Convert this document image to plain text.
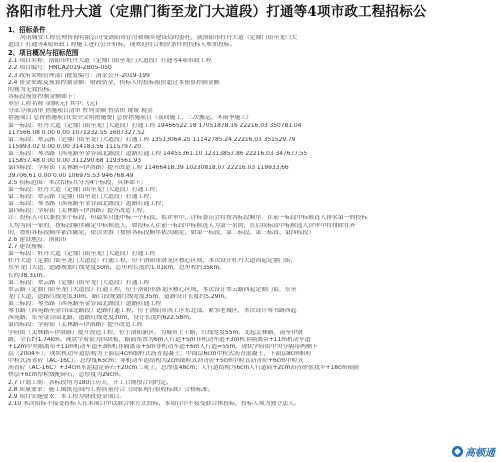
洛阳市牡丹大道（定鼎门街至龙门大道段）打通等4项市政工程招标公
1、招标条件
河南城安工程管理咨询有限公司受洛阳市住房和城乡建设局的委托，就洛阳市牡丹大道（定鼎门街至龙门大
道段）打通等4项市政工程施工进行公开招标，现欢迎符合相应条件的投标人参加投标。
2、项目概况与招标范围
2.1 项目名称：洛阳市牡丹大道（定鼎门街至龙门大道段）打通等4项市政工程
2.2 项目编号：HNCA2019-ZB05-050
2.3 政府采购管理部门批复编号：洛采公开-2019-199
2.4 资金来源及预算控制金额：财政资金，投标人的投标报价超过本预算控制金额
的视为无效投标。
各标段预算控制金额如下：
单位工程名称 金额(元) 其中：(元)
分部分项清单 措施项目清单 暂列金额 暂估价 规费 税金
措施项目 总价措施项目(安全文明措施费) 总价措施项目（夜间施工、二次搬运、冬雨季施工）
第一标段：牡丹大道（定鼎门街至龙门大道段）打通工程 19466522.18 17051878.16 22216.03 350781.04
117566.08 0.00 0.00 1071232.55 1607327.52
第二标段：翠云路（定鼎门街至龙门大道段）打通工程 13513064.25 11142785.24 22216.03 351529.79
115993.02 0.00 0.00 314183.56 1115797.20
第三标段：琴书路（西苑路至金谷园北路段）道路打通工程 14455361.10 12313857.86 22216.03 347677.55
115857.48 0.00 0.00 311290.68 1193561.93
第四标段：学府街（关林路~伊洛路）提升改造工程 11466418.39 10230818.07 22216.03 119933.66
39706.61 0.00 0.00 106975.53 946768.49
2.5 招标范围：本次招标共分为4个标段，具体如下：
第一标段：牡丹大道（定鼎门街至龙门大道段）打通工程；
第二标段：翠云路（定鼎门街至龙门大道段）打通工程；
第三标段：琴书路（西苑路至金谷园北路段）道路打通工程；
第四标段：学府街（关林路~伊洛路）提升改造工程；
注：投标人可以兼投多个标段，但最多只能中标一个标段，拟评审中，评标委员会将按各标段顺序，在前一标段中标候选人排名第一的投标
人均为同一家的，按标段顺序确定中标候选人，如投标人在前一标段中标候选人为第一名的，在后续标段中标候选人评审中将排除在外
的，按照各标段顺序依次确定，依次类推（按照各标段顺序依次确定，如第一标段、第二标段、第三标段、第四标段）
2.6 建设地点：洛阳市
2.7 建设规模：
第一标段：牡丹大道（定鼎门街至龙门大道段）打通工程
牡丹大道（定鼎门街至龙门大道段）打通工程，位于洛阳市洛龙区核心区域，本次设计牡丹大道西起定鼎门街，
东至龙门大道，道路规划红线宽度50m，总里程长度约1.01km，总里程约35km。
长约38.31m。
第二标段：翠云路（定鼎门街至龙门大道段）打通工程
翠云路（定鼎门街至龙门大道段）打通工程，位于洛阳市洛龙区核心区域，本次设计翠云路西起定鼎门街，东至
龙门大道，道路红线宽度30m，路口段规划红线宽度35m，道路设计长度约5.29m。
第三标段：琴书路（西苑路至金谷园北路段）道路打通工程
琴书路（西苑路至金谷园北路段）道路打通工程，位于洛阳市西工区东北部，紧邻老城区，本次设计琴书路西起
西苑路，东至金谷园北路，道路红线宽度30m，设计长度约622.58m。
第四标段：学府街（关林路~伊洛路）提升改造工程
学府街（关林路~伊洛路）提升改造工程，位于洛阳新区，为城市主干路，红线宽度55m，北起关林路，南至伊洛
路，全长约1.74km。现状学府街为四块板，路面布置为6m人行道+5m非机动车道+3m机非隔离带+11m机动车道
+12m中央隔离带+11m机动车道+3m机非隔离带+5m非机动车道+6m人行道=55m。现状学府街中央分隔带两侧下
层（2004年）、现状机动车道结构为上面层4cm细粒式沥青混凝土，中面层6cm中粒式沥青混凝土，下面层8cm粗粒
中粒式沥青砼（AC-16C），总厚度63cm；非机动车道结构为2cm细粒式沥青砼+5cm中粒式沥青砼+6cm中粒式
沥青砼（AC-16C）+34cm水泥稳定碎石+20cm二灰土，总厚度48cm；人行道结构为6cm人行道砖+2cm沥青砂浆找平+18cm预制
垫层+6cm厚粒级配碎石，总厚度为29cm。
2.7 计划工期：各标段均为180日历天，开工日期按合同约定。
2.8 质量要求：施工图纸范围内工程质量符合《国家现行验收标准》合格标准。
2.9 项目实施要求：本工程为财政资金项目。
2.10 本次招标不接受投标人在本项目中以联合体方式投标，本项目中不接受联合体投标，投标人须为独立法人。
高顿通
